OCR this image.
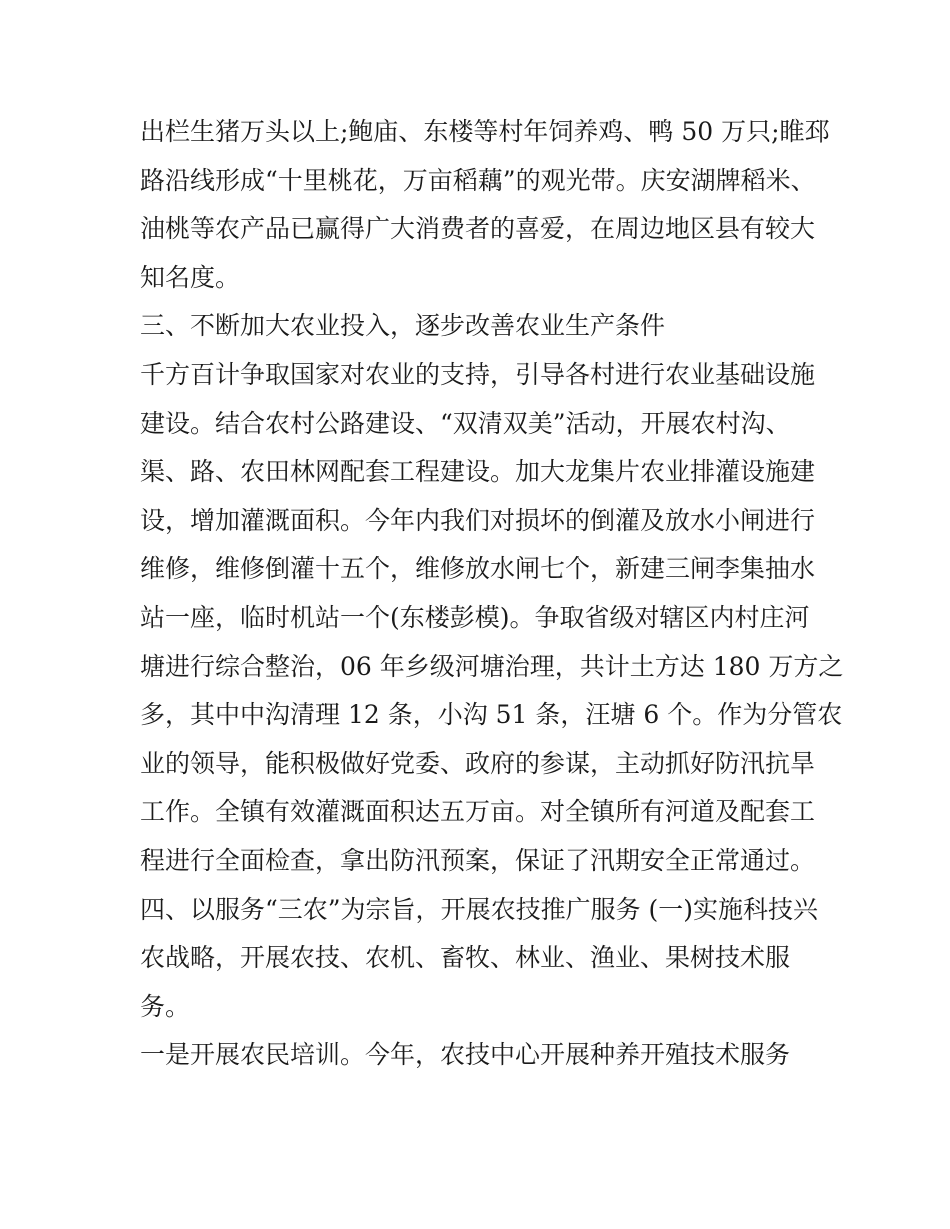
出栏生猪万头以上;鲍庙、东楼等村年饲养鸡、鸭 50 万只;睢邳
路沿线形成“十里桃花，万亩稻藕”的观光带。庆安湖牌稻米、
油桃等农产品已赢得广大消费者的喜爱，在周边地区县有较大
知名度。
三、不断加大农业投入，逐步改善农业生产条件
千方百计争取国家对农业的支持，引导各村进行农业基础设施
建设。结合农村公路建设、“双清双美”活动，开展农村沟、
渠、路、农田林网配套工程建设。加大龙集片农业排灌设施建
设，增加灌溉面积。今年内我们对损坏的倒灌及放水小闸进行
维修，维修倒灌十五个，维修放水闸七个，新建三闸李集抽水
站一座，临时机站一个(东楼彭模)。争取省级对辖区内村庄河
塘进行综合整治，06 年乡级河塘治理，共计土方达 180 万方之
多，其中中沟清理 12 条，小沟 51 条，汪塘 6 个。作为分管农
业的领导，能积极做好党委、政府的参谋，主动抓好防汛抗旱
工作。全镇有效灌溉面积达五万亩。对全镇所有河道及配套工
程进行全面检查，拿出防汛预案，保证了汛期安全正常通过。
四、以服务“三农”为宗旨，开展农技推广服务 (一)实施科技兴
农战略，开展农技、农机、畜牧、林业、渔业、果树技术服
务。
一是开展农民培训。今年，农技中心开展种养开殖技术服务
